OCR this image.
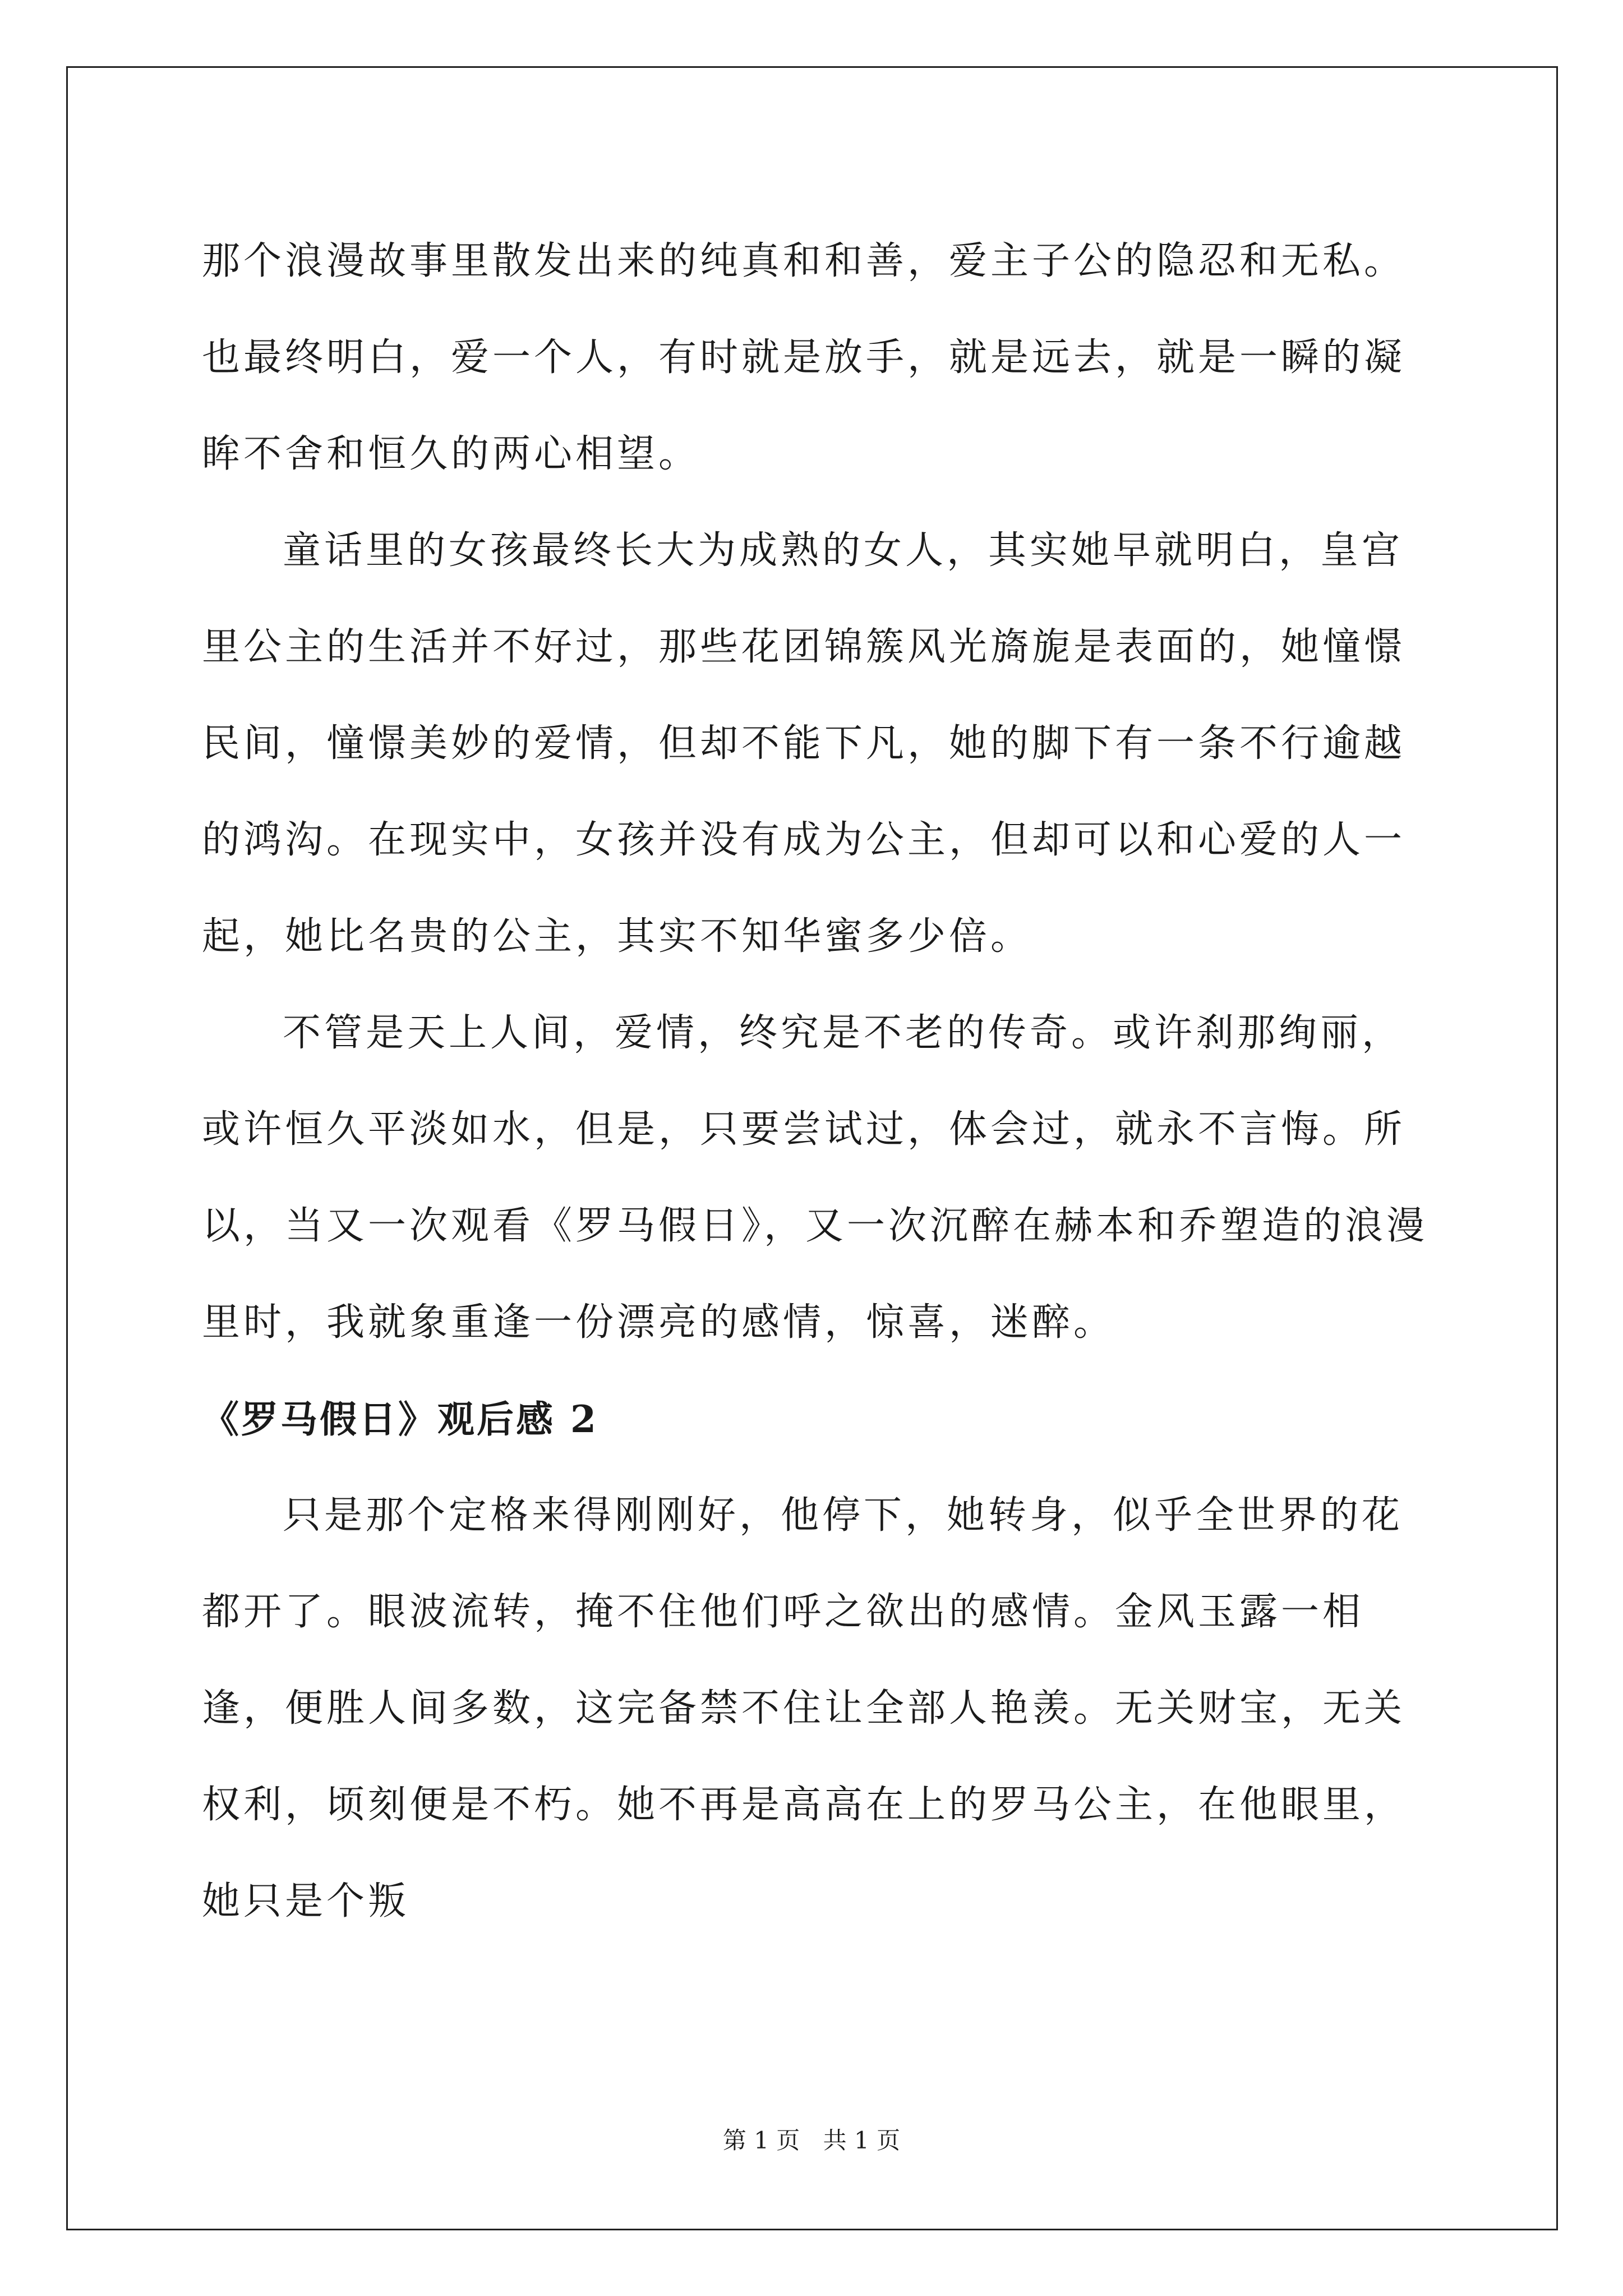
那个浪漫故事里散发出来的纯真和和善，爱主子公的隐忍和无私。也最终明白，爱一个人，有时就是放手，就是远去，就是一瞬的凝眸不舍和恒久的两心相望。

童话里的女孩最终长大为成熟的女人，其实她早就明白，皇宫里公主的生活并不好过，那些花团锦簇风光旖旎是表面的，她憧憬民间，憧憬美妙的爱情，但却不能下凡，她的脚下有一条不行逾越的鸿沟。在现实中，女孩并没有成为公主，但却可以和心爱的人一起，她比名贵的公主，其实不知华蜜多少倍。

不管是天上人间，爱情，终究是不老的传奇。或许刹那绚丽，或许恒久平淡如水，但是，只要尝试过，体会过，就永不言悔。所以，当又一次观看《罗马假日》，又一次沉醉在赫本和乔塑造的浪漫里时，我就象重逢一份漂亮的感情，惊喜，迷醉。

《罗马假日》观后感 2

只是那个定格来得刚刚好，他停下，她转身，似乎全世界的花都开了。眼波流转，掩不住他们呼之欲出的感情。金风玉露一相逢，便胜人间多数，这完备禁不住让全部人艳羡。无关财宝，无关权利，顷刻便是不朽。她不再是高高在上的罗马公主，在他眼里，她只是个叛

第 1 页 共 1 页
